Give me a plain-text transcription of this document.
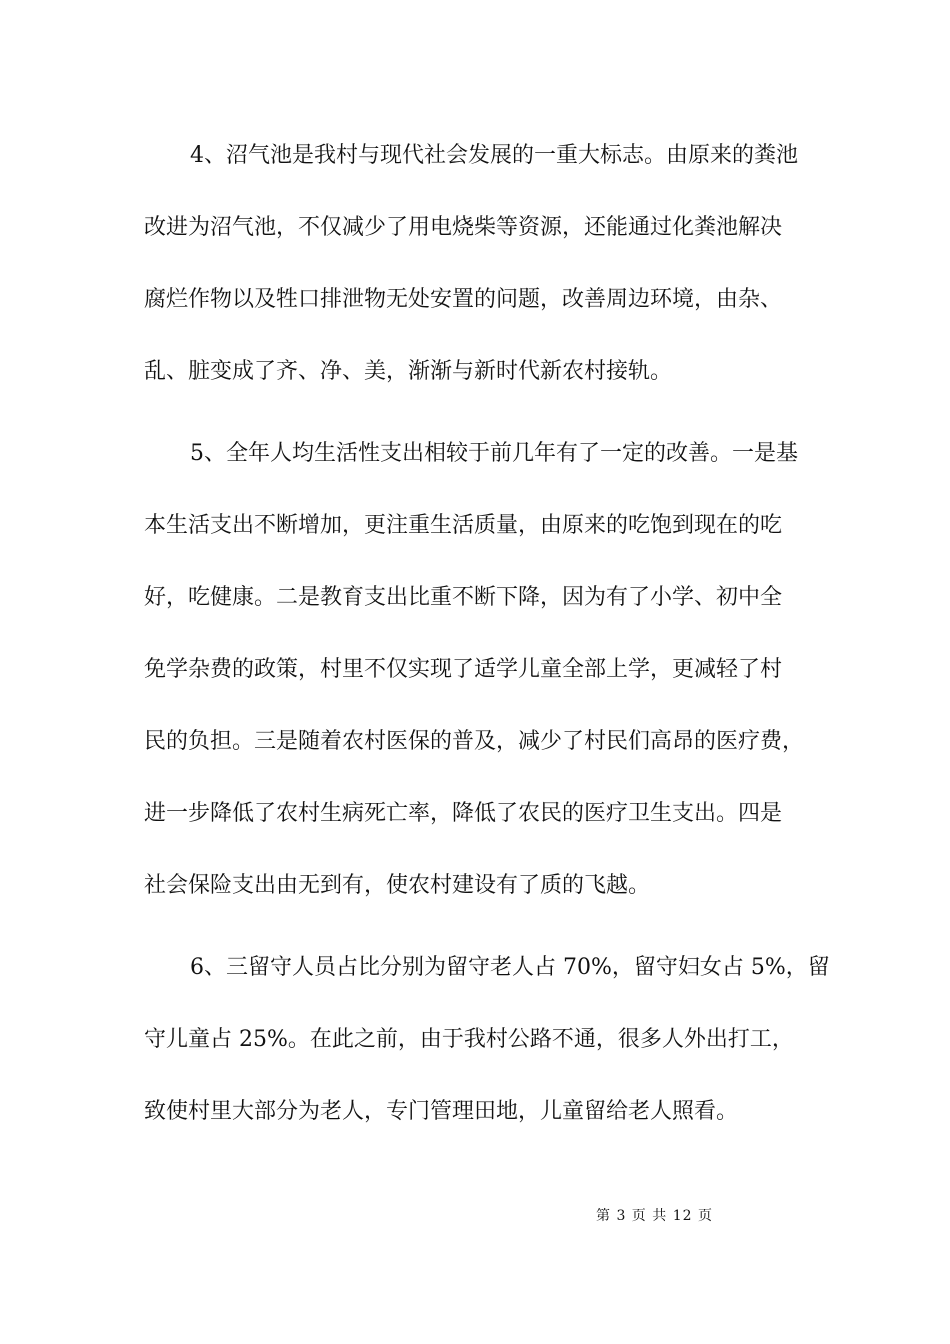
4、沼气池是我村与现代社会发展的一重大标志。由原来的粪池
改进为沼气池，不仅减少了用电烧柴等资源，还能通过化粪池解决
腐烂作物以及牲口排泄物无处安置的问题，改善周边环境，由杂、
乱、脏变成了齐、净、美，渐渐与新时代新农村接轨。
5、全年人均生活性支出相较于前几年有了一定的改善。一是基
本生活支出不断增加，更注重生活质量，由原来的吃饱到现在的吃
好，吃健康。二是教育支出比重不断下降，因为有了小学、初中全
免学杂费的政策，村里不仅实现了适学儿童全部上学，更减轻了村
民的负担。三是随着农村医保的普及，减少了村民们高昂的医疗费，
进一步降低了农村生病死亡率，降低了农民的医疗卫生支出。四是
社会保险支出由无到有，使农村建设有了质的飞越。
6、三留守人员占比分别为留守老人占 70%，留守妇女占 5%，留
守儿童占 25%。在此之前，由于我村公路不通，很多人外出打工，
致使村里大部分为老人，专门管理田地，儿童留给老人照看。
第 3 页 共 12 页
